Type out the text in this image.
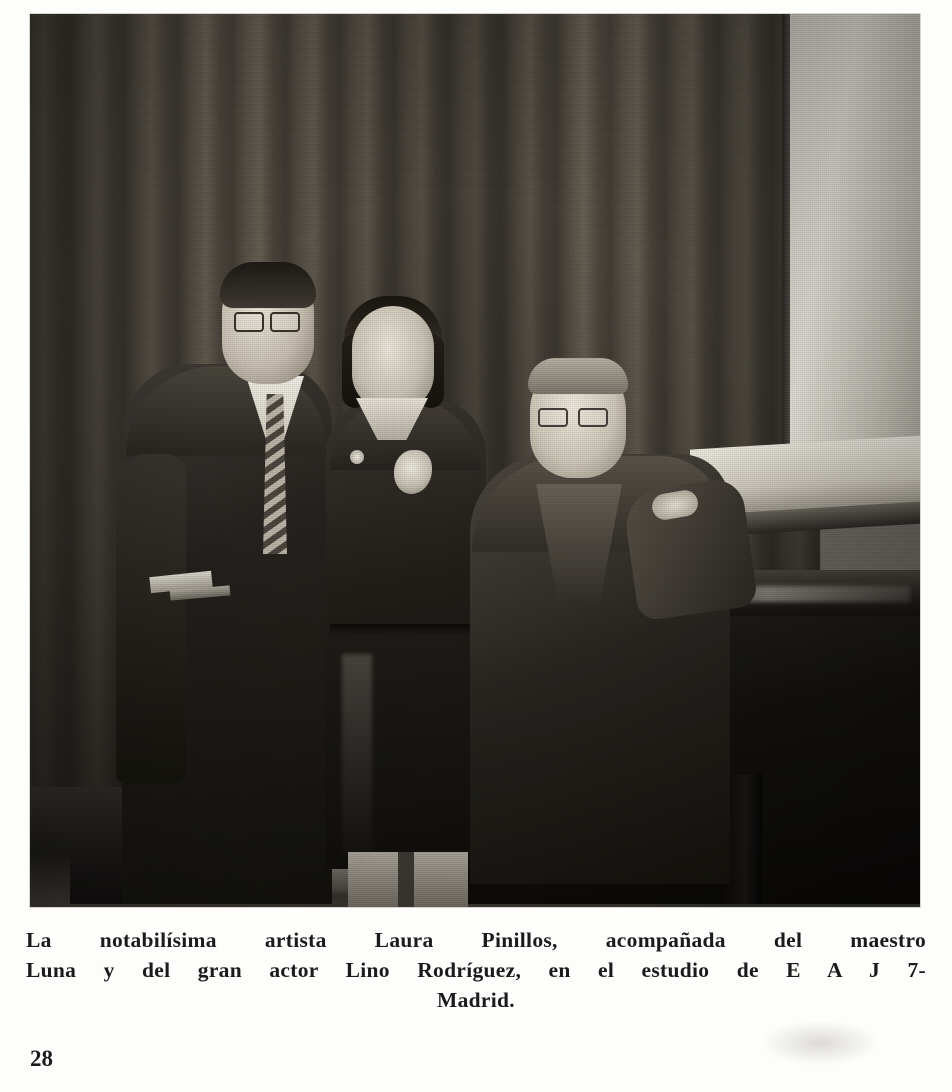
La notabilísima artista Laura Pinillos, acompañada del maestro
Luna y del gran actor Lino Rodríguez, en el estudio de E A J 7-
Madrid.
28
